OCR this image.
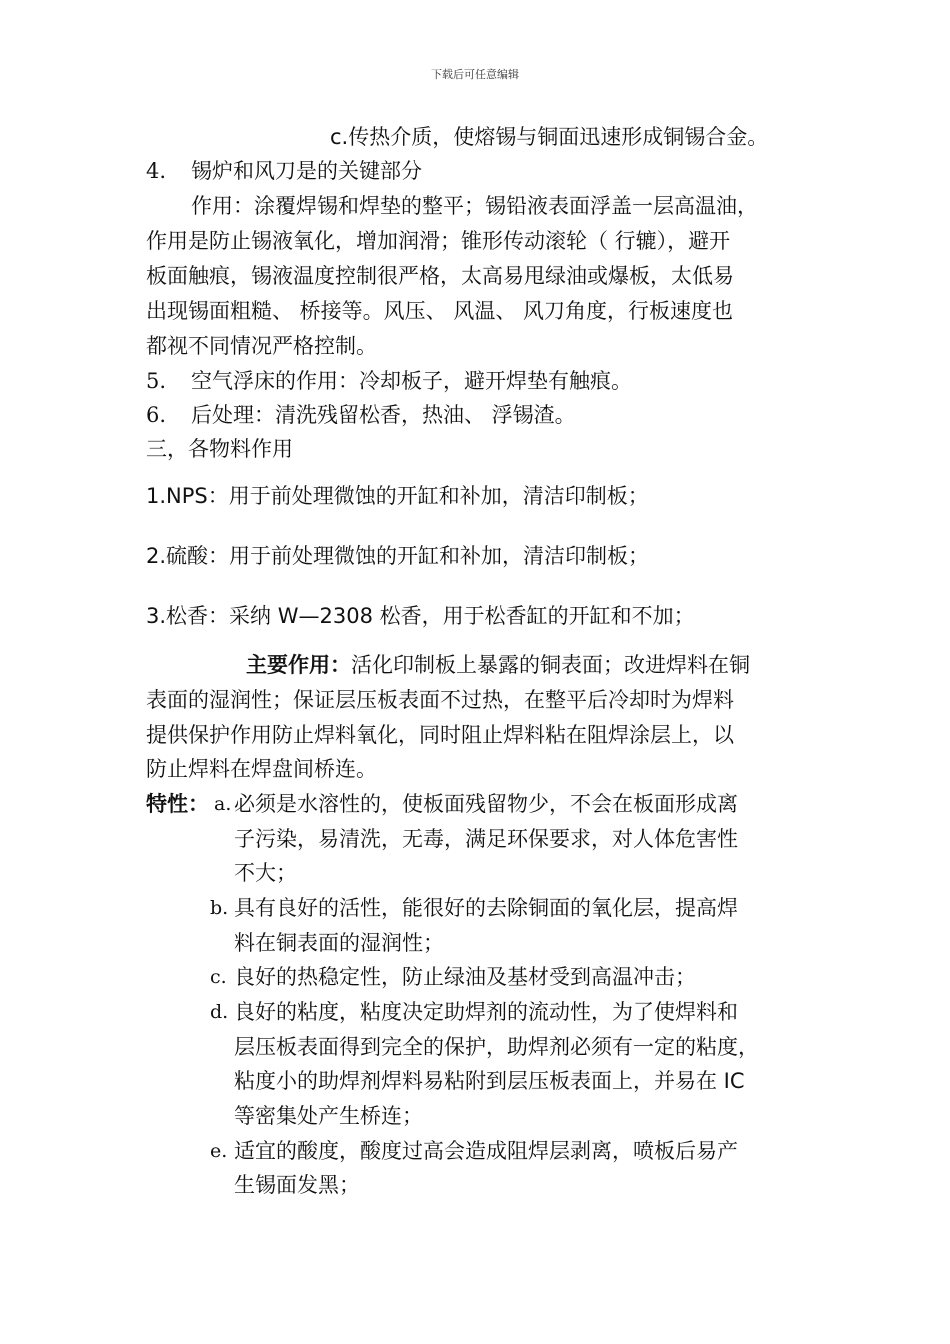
下载后可任意编辑
c.传热介质，使熔锡与铜面迅速形成铜锡合金。
4. 锡炉和风刀是的关键部分
作用：涂覆焊锡和焊垫的整平；锡铅液表面浮盖一层高温油，
作用是防止锡液氧化，增加润滑；锥形传动滚轮（ 行辘），避开
板面触痕，锡液温度控制很严格，太高易甩绿油或爆板，太低易
出现锡面粗糙、 桥接等。风压、 风温、 风刀角度，行板速度也
都视不同情况严格控制。
5. 空气浮床的作用：冷却板子，避开焊垫有触痕。
6. 后处理：清洗残留松香，热油、 浮锡渣。
三，各物料作用
1.NPS：用于前处理微蚀的开缸和补加，清洁印制板；
2.硫酸：用于前处理微蚀的开缸和补加，清洁印制板；
3.松香：采纳 W—2308 松香，用于松香缸的开缸和不加；
主要作用：活化印制板上暴露的铜表面；改进焊料在铜
表面的湿润性；保证层压板表面不过热，在整平后冷却时为焊料
提供保护作用防止焊料氧化，同时阻止焊料粘在阻焊涂层上，以
防止焊料在焊盘间桥连。
特性： a. 必须是水溶性的，使板面残留物少，不会在板面形成离
子污染，易清洗，无毒，满足环保要求，对人体危害性
不大；
b. 具有良好的活性，能很好的去除铜面的氧化层，提高焊
料在铜表面的湿润性；
c. 良好的热稳定性，防止绿油及基材受到高温冲击；
d. 良好的粘度，粘度决定助焊剂的流动性，为了使焊料和
层压板表面得到完全的保护，助焊剂必须有一定的粘度，
粘度小的助焊剂焊料易粘附到层压板表面上，并易在 IC
等密集处产生桥连；
e. 适宜的酸度，酸度过高会造成阻焊层剥离，喷板后易产
生锡面发黑；
